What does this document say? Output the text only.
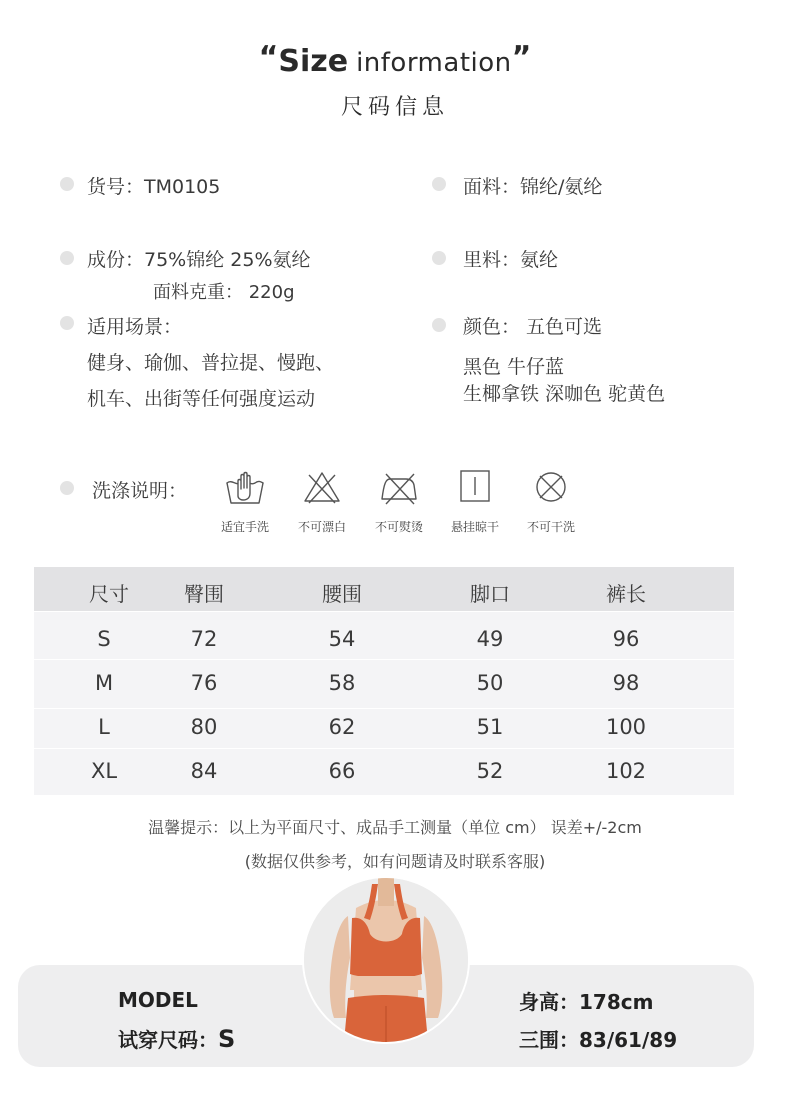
“Size information”
尺码信息
货号：TM0105
成份：75%锦纶 25%氨纶
面料克重： 220g
适用场景：
健身、瑜伽、普拉提、慢跑、
机车、出街等任何强度运动
面料：锦纶/氨纶
里料：氨纶
颜色： 五色可选
黑色 牛仔蓝
生椰拿铁 深咖色 驼黄色
洗涤说明：
适宜手洗	不可漂白	不可熨烫	悬挂晾干	不可干洗
尺寸	臀围	腰围	脚口	裤长
S	72	54	49	96
M	76	58	50	98
L	80	62	51	100
XL	84	66	52	102
温馨提示：以上为平面尺寸、成品手工测量（单位 cm） 误差+/-2cm
(数据仅供参考，如有问题请及时联系客服)
MODEL
试穿尺码：S
身高：178cm
三围：83/61/89
